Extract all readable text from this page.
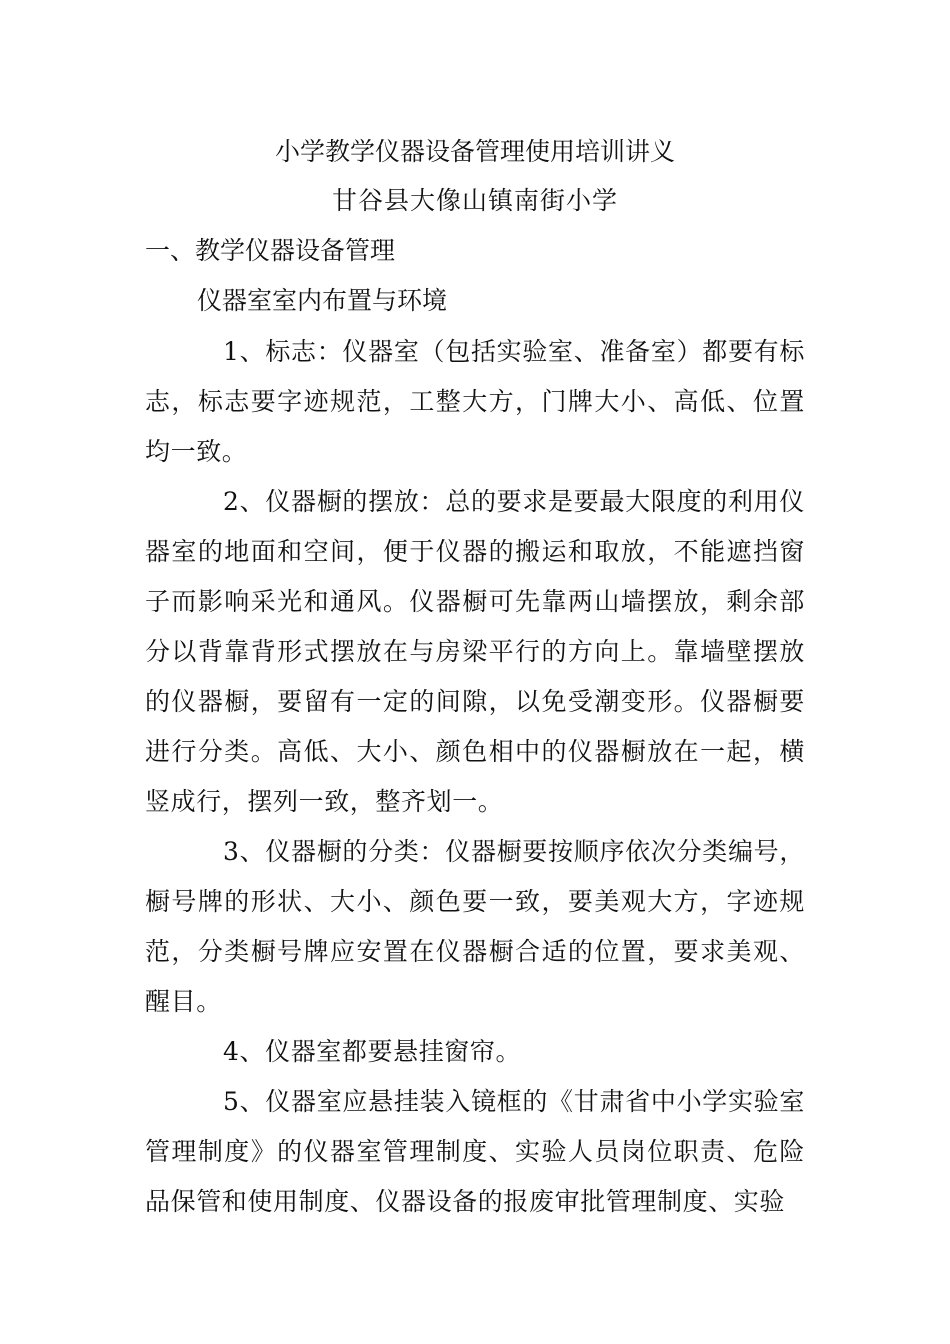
小学教学仪器设备管理使用培训讲义
甘谷县大像山镇南街小学
一、教学仪器设备管理
仪器室室内布置与环境
1、标志：仪器室（包括实验室、准备室）都要有标志，标志要字迹规范，工整大方，门牌大小、高低、位置均一致。
2、仪器橱的摆放：总的要求是要最大限度的利用仪器室的地面和空间，便于仪器的搬运和取放，不能遮挡窗子而影响采光和通风。仪器橱可先靠两山墙摆放，剩余部分以背靠背形式摆放在与房梁平行的方向上。靠墙壁摆放的仪器橱，要留有一定的间隙，以免受潮变形。仪器橱要进行分类。高低、大小、颜色相中的仪器橱放在一起，横竖成行，摆列一致，整齐划一。
3、仪器橱的分类：仪器橱要按顺序依次分类编号，橱号牌的形状、大小、颜色要一致，要美观大方，字迹规范，分类橱号牌应安置在仪器橱合适的位置，要求美观、醒目。
4、仪器室都要悬挂窗帘。
5、仪器室应悬挂装入镜框的《甘肃省中小学实验室管理制度》的仪器室管理制度、实验人员岗位职责、危险品保管和使用制度、仪器设备的报废审批管理制度、实验
